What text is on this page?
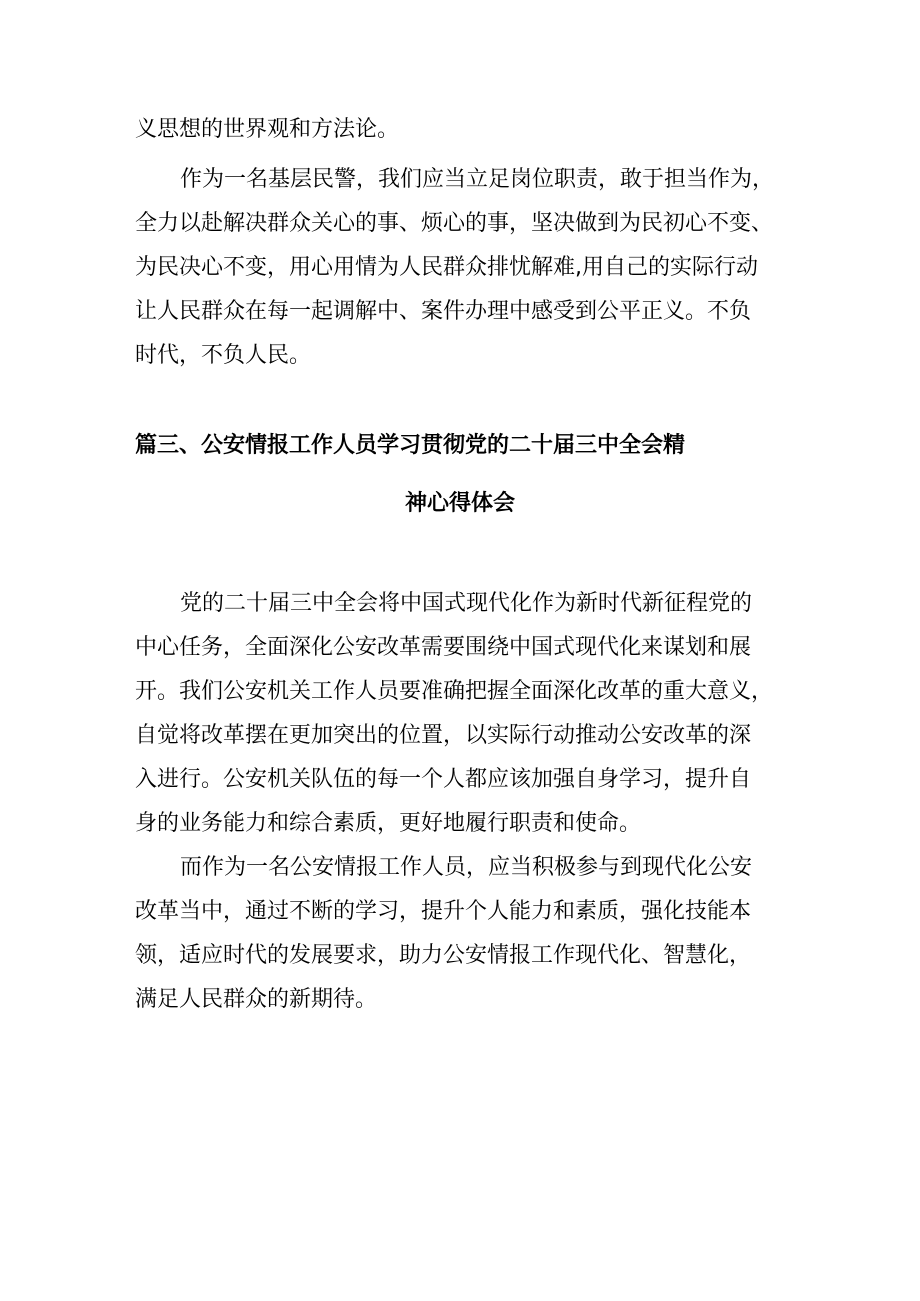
义思想的世界观和方法论。
作为一名基层民警，我们应当立足岗位职责，敢于担当作为，
全力以赴解决群众关心的事、烦心的事，坚决做到为民初心不变、
为民决心不变，用心用情为人民群众排忧解难,用自己的实际行动
让人民群众在每一起调解中、案件办理中感受到公平正义。不负
时代，不负人民。
篇三、公安情报工作人员学习贯彻党的二十届三中全会精
神心得体会
党的二十届三中全会将中国式现代化作为新时代新征程党的
中心任务，全面深化公安改革需要围绕中国式现代化来谋划和展
开。我们公安机关工作人员要准确把握全面深化改革的重大意义，
自觉将改革摆在更加突出的位置，以实际行动推动公安改革的深
入进行。公安机关队伍的每一个人都应该加强自身学习，提升自
身的业务能力和综合素质，更好地履行职责和使命。
而作为一名公安情报工作人员，应当积极参与到现代化公安
改革当中，通过不断的学习，提升个人能力和素质，强化技能本
领，适应时代的发展要求，助力公安情报工作现代化、智慧化，
满足人民群众的新期待。
